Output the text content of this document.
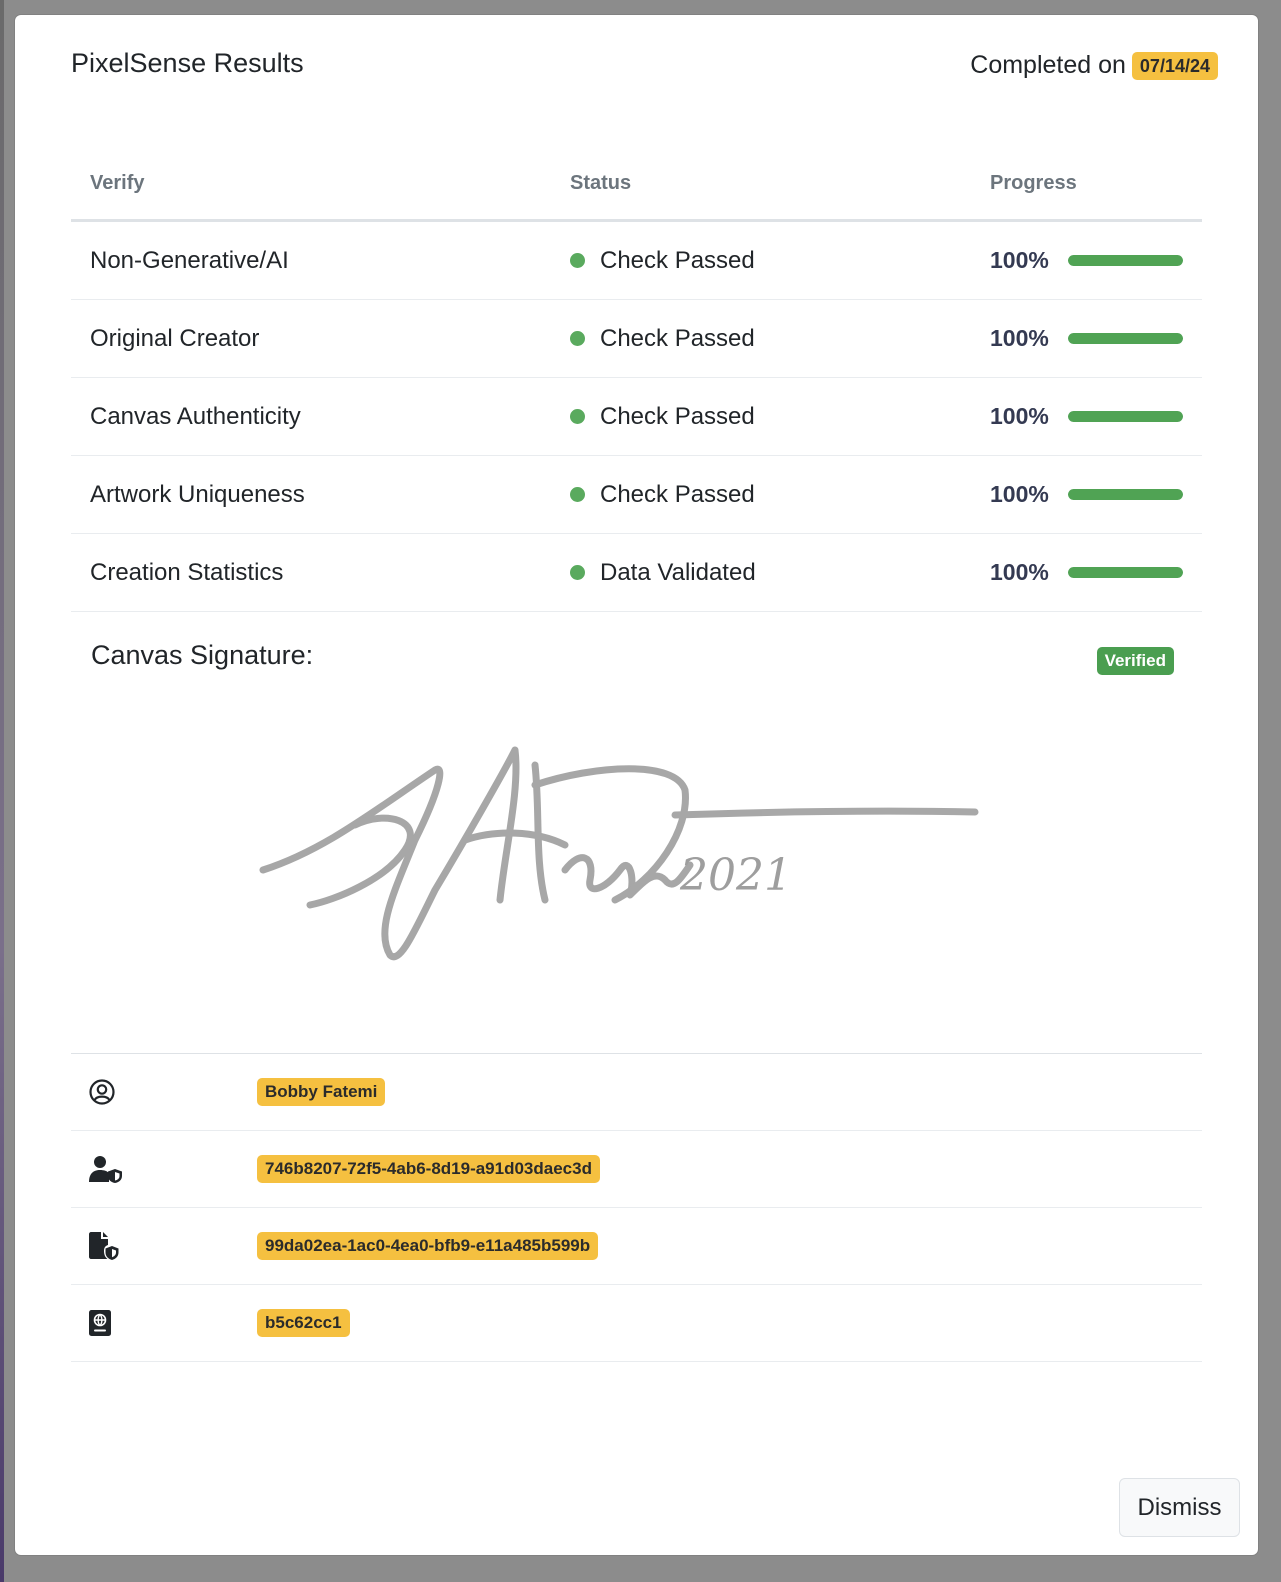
PixelSense Results	Completed on 07/14/24
Verify	Status	Progress
Non-Generative/AI	Check Passed	100%
Original Creator	Check Passed	100%
Canvas Authenticity	Check Passed	100%
Artwork Uniqueness	Check Passed	100%
Creation Statistics	Data Validated	100%
Canvas Signature:	Verified
2021
Bobby Fatemi
746b8207-72f5-4ab6-8d19-a91d03daec3d
99da02ea-1ac0-4ea0-bfb9-e11a485b599b
b5c62cc1
Dismiss
